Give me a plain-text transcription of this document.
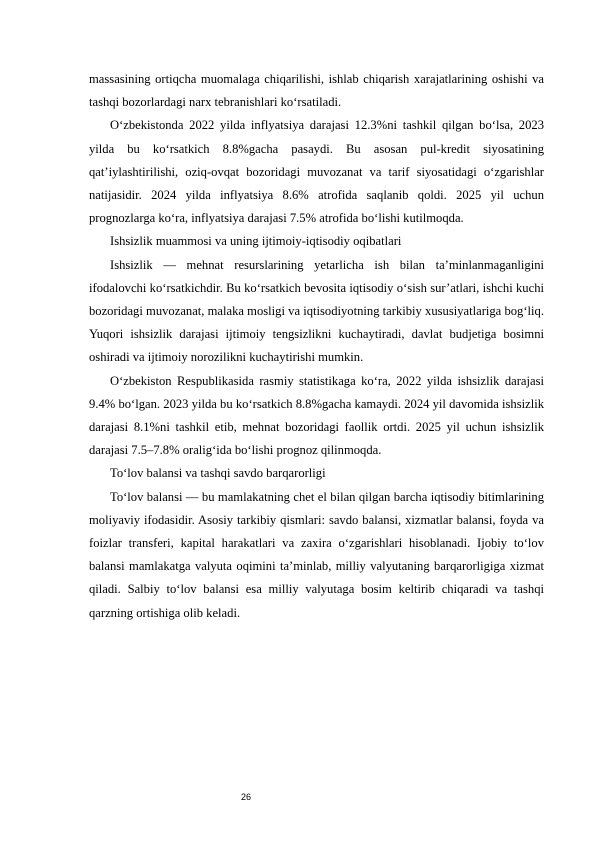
massasining ortiqcha muomalaga chiqarilishi, ishlab chiqarish xarajatlarining oshishi va tashqi bozorlardagi narx tebranishlari ko‘rsatiladi.

O‘zbekistonda 2022 yilda inflyatsiya darajasi 12.3%ni tashkil qilgan bo‘lsa, 2023 yilda bu ko‘rsatkich 8.8%gacha pasaydi. Bu asosan pul-kredit siyosatining qat’iylashtirilishi, oziq-ovqat bozoridagi muvozanat va tarif siyosatidagi o‘zgarishlar natijasidir. 2024 yilda inflyatsiya 8.6% atrofida saqlanib qoldi. 2025 yil uchun prognozlarga ko‘ra, inflyatsiya darajasi 7.5% atrofida bo‘lishi kutilmoqda.

Ishsizlik muammosi va uning ijtimoiy-iqtisodiy oqibatlari

Ishsizlik — mehnat resurslarining yetarlicha ish bilan ta’minlanmaganligini ifodalovchi ko‘rsatkichdir. Bu ko‘rsatkich bevosita iqtisodiy o‘sish sur’atlari, ishchi kuchi bozoridagi muvozanat, malaka mosligi va iqtisodiyotning tarkibiy xususiyatlariga bog‘liq. Yuqori ishsizlik darajasi ijtimoiy tengsizlikni kuchaytiradi, davlat budjetiga bosimni oshiradi va ijtimoiy norozilikni kuchaytirishi mumkin.

O‘zbekiston Respublikasida rasmiy statistikaga ko‘ra, 2022 yilda ishsizlik darajasi 9.4% bo‘lgan. 2023 yilda bu ko‘rsatkich 8.8%gacha kamaydi. 2024 yil davomida ishsizlik darajasi 8.1%ni tashkil etib, mehnat bozoridagi faollik ortdi. 2025 yil uchun ishsizlik darajasi 7.5–7.8% oralig‘ida bo‘lishi prognoz qilinmoqda.

To‘lov balansi va tashqi savdo barqarorligi

To‘lov balansi — bu mamlakatning chet el bilan qilgan barcha iqtisodiy bitimlarining moliyaviy ifodasidir. Asosiy tarkibiy qismlari: savdo balansi, xizmatlar balansi, foyda va foizlar transferi, kapital harakatlari va zaxira o‘zgarishlari hisoblanadi. Ijobiy to‘lov balansi mamlakatga valyuta oqimini ta’minlab, milliy valyutaning barqarorligiga xizmat qiladi. Salbiy to‘lov balansi esa milliy valyutaga bosim keltirib chiqaradi va tashqi qarzning ortishiga olib keladi.

26
